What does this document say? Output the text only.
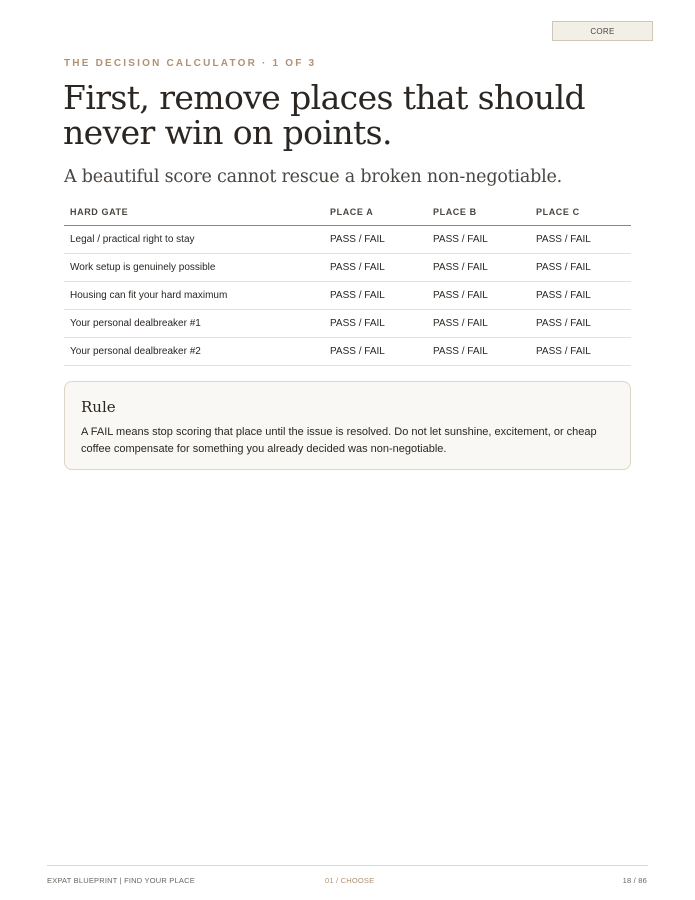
CORE
THE DECISION CALCULATOR · 1 OF 3
First, remove places that should never win on points.

A beautiful score cannot rescue a broken non-negotiable.

HARD GATE	PLACE A	PLACE B	PLACE C
Legal / practical right to stay	PASS / FAIL	PASS / FAIL	PASS / FAIL
Work setup is genuinely possible	PASS / FAIL	PASS / FAIL	PASS / FAIL
Housing can fit your hard maximum	PASS / FAIL	PASS / FAIL	PASS / FAIL
Your personal dealbreaker #1	PASS / FAIL	PASS / FAIL	PASS / FAIL
Your personal dealbreaker #2	PASS / FAIL	PASS / FAIL	PASS / FAIL
Rule

A FAIL means stop scoring that place until the issue is resolved. Do not let sunshine, excitement, or cheap coffee compensate for something you already decided was non-negotiable.

EXPAT BLUEPRINT | FIND YOUR PLACE	01 / CHOOSE	18 / 86
